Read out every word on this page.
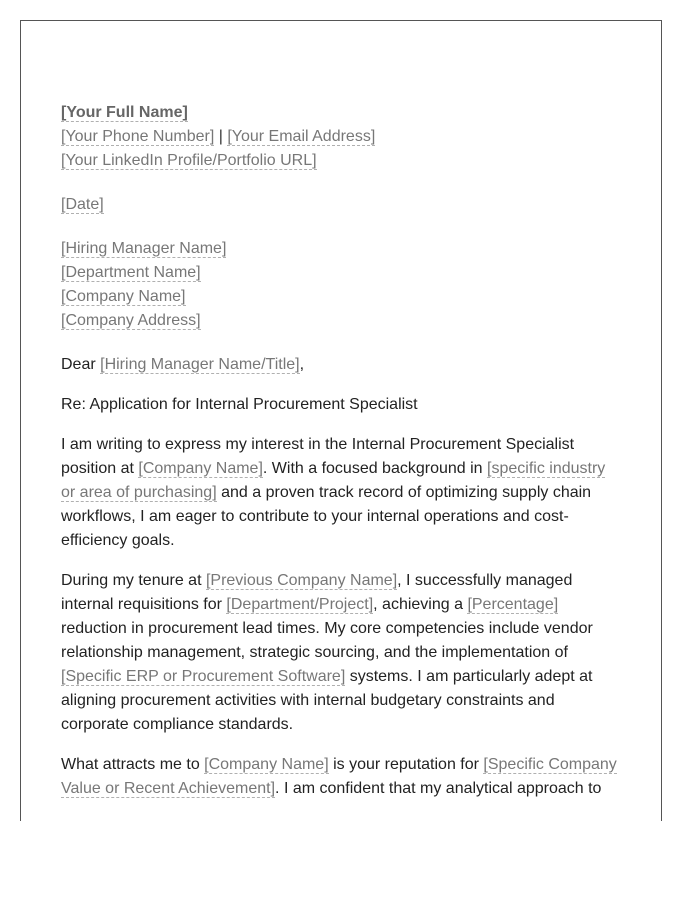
[Your Full Name]
[Your Phone Number] | [Your Email Address]
[Your LinkedIn Profile/Portfolio URL]
[Date]
[Hiring Manager Name]
[Department Name]
[Company Name]
[Company Address]
Dear [Hiring Manager Name/Title],
Re: Application for Internal Procurement Specialist

I am writing to express my interest in the Internal Procurement Specialist position at [Company Name]. With a focused background in [specific industry or area of purchasing] and a proven track record of optimizing supply chain workflows, I am eager to contribute to your internal operations and cost-efficiency goals.

During my tenure at [Previous Company Name], I successfully managed internal requisitions for [Department/Project], achieving a [Percentage] reduction in procurement lead times. My core competencies include vendor relationship management, strategic sourcing, and the implementation of [Specific ERP or Procurement Software] systems. I am particularly adept at aligning procurement activities with internal budgetary constraints and corporate compliance standards.

What attracts me to [Company Name] is your reputation for [Specific Company Value or Recent Achievement]. I am confident that my analytical approach to
